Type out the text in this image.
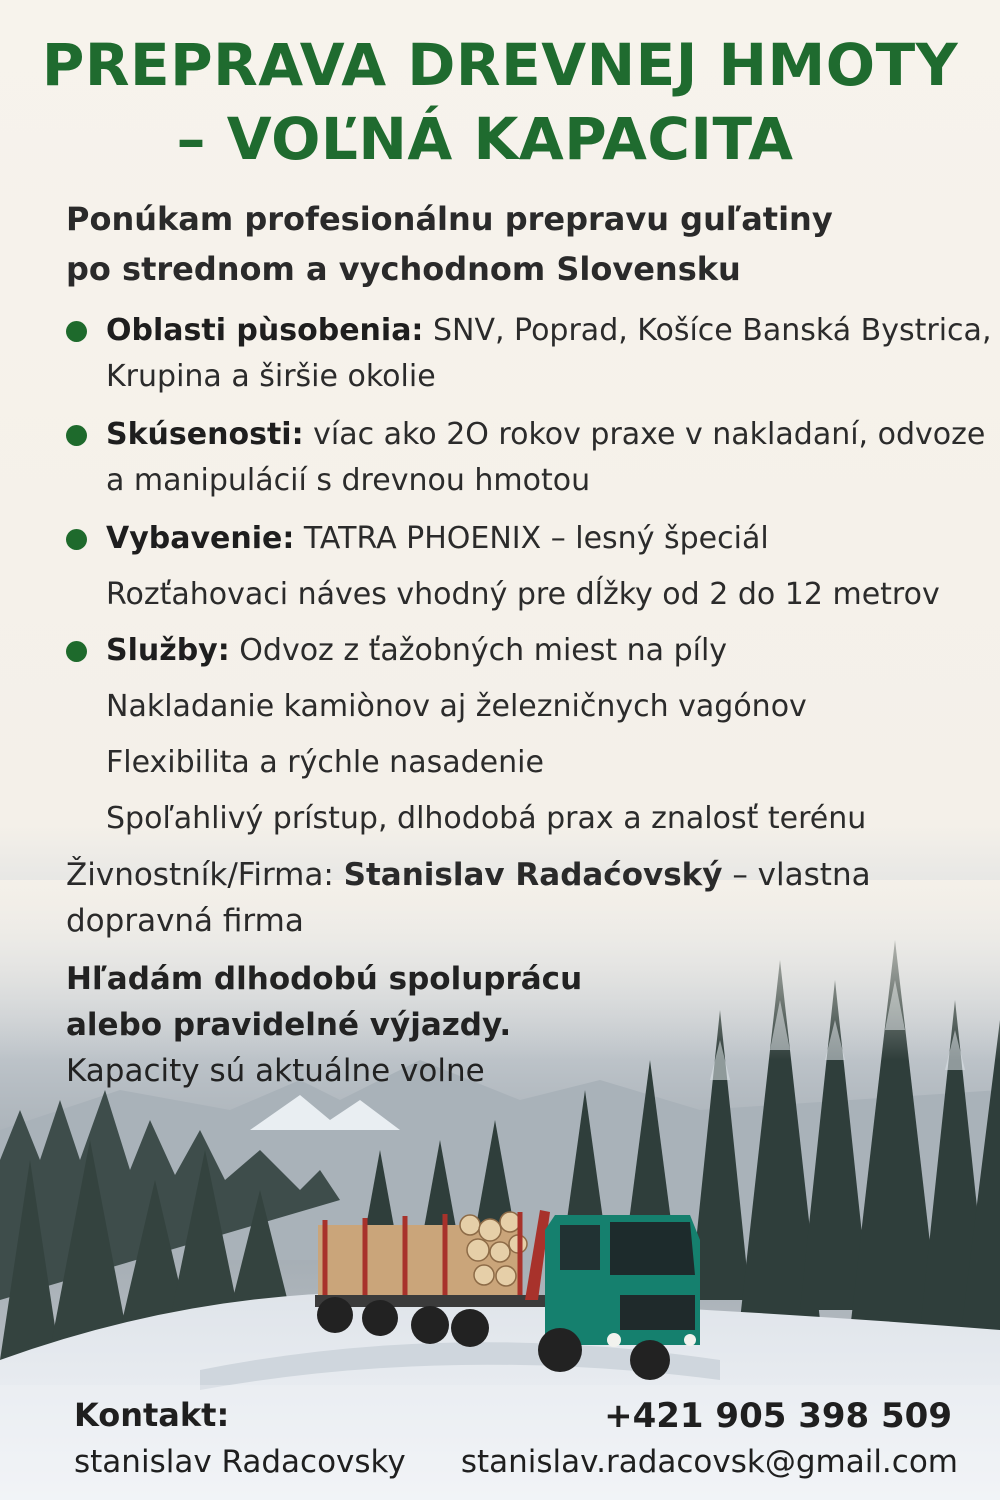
PREPRAVA DREVNEJ HMOTY
– VOĽNÁ KAPACITA
Ponúkam profesionálnu prepravu guľatiny
po strednom a vychodnom Slovensku
Oblasti pùsobenia: SNV, Poprad, Košíce Banská Bystrica, Krupina a širšie okolie
Skúsenosti: víac ako 2O rokov praxe v nakladaní, odvoze a manipulácií s drevnou hmotou
Vybavenie: TATRA PHOENIX – lesný špeciál
Rozťahovaci náves vhodný pre dĺžky od 2 do 12 metrov
Služby: Odvoz z ťažobných miest na píly
Nakladanie kamiònov aj železničnych vagónov
Flexibilita a rýchle nasadenie
Spoľahlivý prístup, dlhodobá prax a znalosť terénu
Živnostník/Firma: Stanislav Radaćovský – vlastna dopravná firma
Hľadám dlhodobú spoluprácu
alebo pravidelné výjazdy.
Kapacity sú aktuálne volne
Kontakt:
stanislav Radacovsky
+421 905 398 509
stanislav.radacovsk@gmail.com
